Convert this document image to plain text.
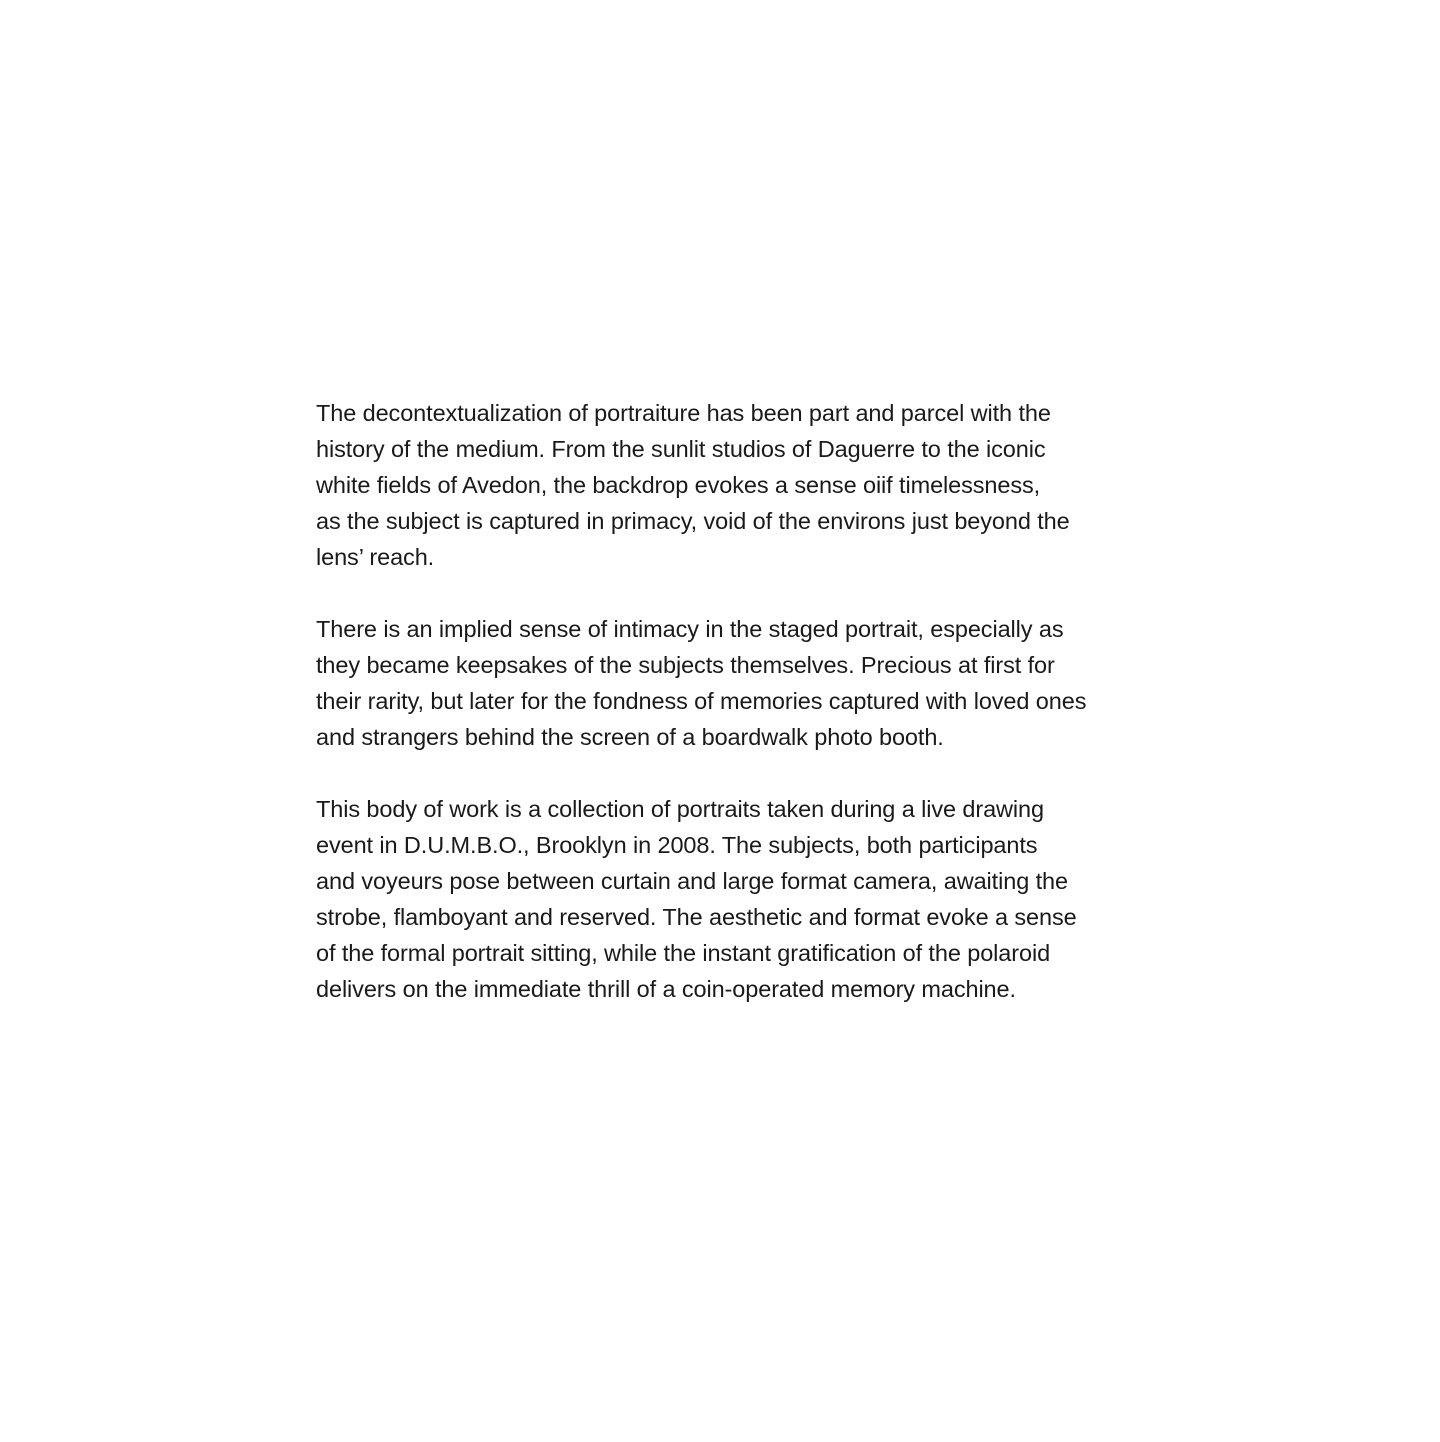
The decontextualization of portraiture has been part and parcel with the
history of the medium. From the sunlit studios of Daguerre to the iconic
white fields of Avedon, the backdrop evokes a sense oiif timelessness,
as the subject is captured in primacy, void of the environs just beyond the
lens’ reach.

There is an implied sense of intimacy in the staged portrait, especially as
they became keepsakes of the subjects themselves. Precious at first for
their rarity, but later for the fondness of memories captured with loved ones
and strangers behind the screen of a boardwalk photo booth.

This body of work is a collection of portraits taken during a live drawing
event in D.U.M.B.O., Brooklyn in 2008. The subjects, both participants
and voyeurs pose between curtain and large format camera, awaiting the
strobe, flamboyant and reserved. The aesthetic and format evoke a sense
of the formal portrait sitting, while the instant gratification of the polaroid
delivers on the immediate thrill of a coin-operated memory machine.
